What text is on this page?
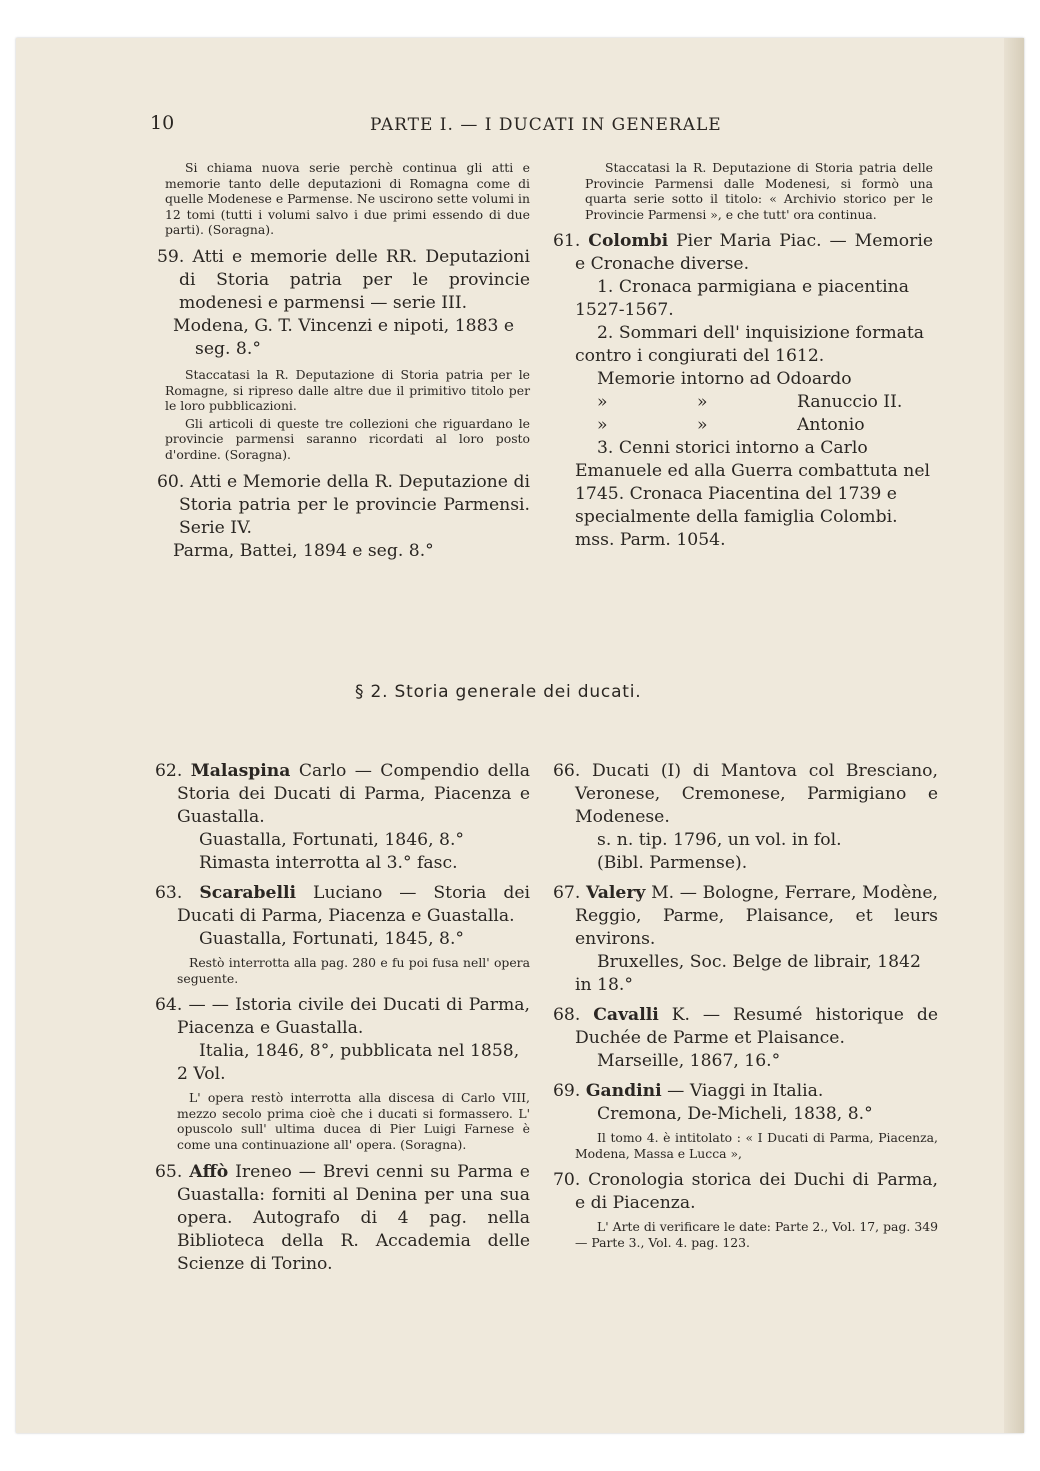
10	PARTE I. — I DUCATI IN GENERALE

Si chiama nuova serie perchè continua gli atti e memorie tanto delle deputazioni di Romagna come di quelle Modenese e Parmense. Ne uscirono sette volumi in 12 tomi (tutti i volumi salvo i due primi essendo di due parti). (Soragna).

59. Atti e memorie delle RR. Deputazioni di Storia patria per le provincie modenesi e parmensi — serie III.

Modena, G. T. Vincenzi e nipoti, 1883 e seg. 8.°

Staccatasi la R. Deputazione di Storia patria per le Romagne, si ripreso dalle altre due il primitivo titolo per le loro pubblicazioni.

Gli articoli di queste tre collezioni che riguardano le provincie parmensi saranno ricordati al loro posto d'ordine. (Soragna).

60. Atti e Memorie della R. Deputazione di Storia patria per le provincie Parmensi. Serie IV.

Parma, Battei, 1894 e seg. 8.°

Staccatasi la R. Deputazione di Storia patria delle Provincie Parmensi dalle Modenesi, si formò una quarta serie sotto il titolo: « Archivio storico per le Provincie Parmensi », e che tutt' ora continua.

61. Colombi Pier Maria Piac. — Memorie e Cronache diverse.

1. Cronaca parmigiana e piacentina 1527-1567.

2. Sommari dell' inquisizione formata contro i congiurati del 1612.

Memorie intorno ad Odoardo

»	»	Ranuccio II.
»	»	Antonio

3. Cenni storici intorno a Carlo Emanuele ed alla Guerra combattuta nel 1745. Cronaca Piacentina del 1739 e specialmente della famiglia Colombi. mss. Parm. 1054.

§ 2. Storia generale dei ducati.
62. Malaspina Carlo — Compendio della Storia dei Ducati di Parma, Piacenza e Guastalla.

Guastalla, Fortunati, 1846, 8.°

Rimasta interrotta al 3.° fasc.

63. Scarabelli Luciano — Storia dei Ducati di Parma, Piacenza e Guastalla.

Guastalla, Fortunati, 1845, 8.°

Restò interrotta alla pag. 280 e fu poi fusa nell' opera seguente.

64. — — Istoria civile dei Ducati di Parma, Piacenza e Guastalla.

Italia, 1846, 8°, pubblicata nel 1858, 2 Vol.

L' opera restò interrotta alla discesa di Carlo VIII, mezzo secolo prima cioè che i ducati si formassero. L' opuscolo sull' ultima ducea di Pier Luigi Farnese è come una continuazione all' opera. (Soragna).

65. Affò Ireneo — Brevi cenni su Parma e Guastalla: forniti al Denina per una sua opera. Autografo di 4 pag. nella Biblioteca della R. Accademia delle Scienze di Torino.
66. Ducati (I) di Mantova col Bresciano, Veronese, Cremonese, Parmigiano e Modenese.

s. n. tip. 1796, un vol. in fol.

(Bibl. Parmense).

67. Valery M. — Bologne, Ferrare, Modène, Reggio, Parme, Plaisance, et leurs environs.

Bruxelles, Soc. Belge de librair, 1842 in 18.°

68. Cavalli K. — Resumé historique de Duchée de Parme et Plaisance.

Marseille, 1867, 16.°

69. Gandini — Viaggi in Italia.

Cremona, De-Micheli, 1838, 8.°

Il tomo 4. è intitolato : « I Ducati di Parma, Piacenza, Modena, Massa e Lucca »,

70. Cronologia storica dei Duchi di Parma, e di Piacenza.

L' Arte di verificare le date: Parte 2., Vol. 17, pag. 349 — Parte 3., Vol. 4. pag. 123.
